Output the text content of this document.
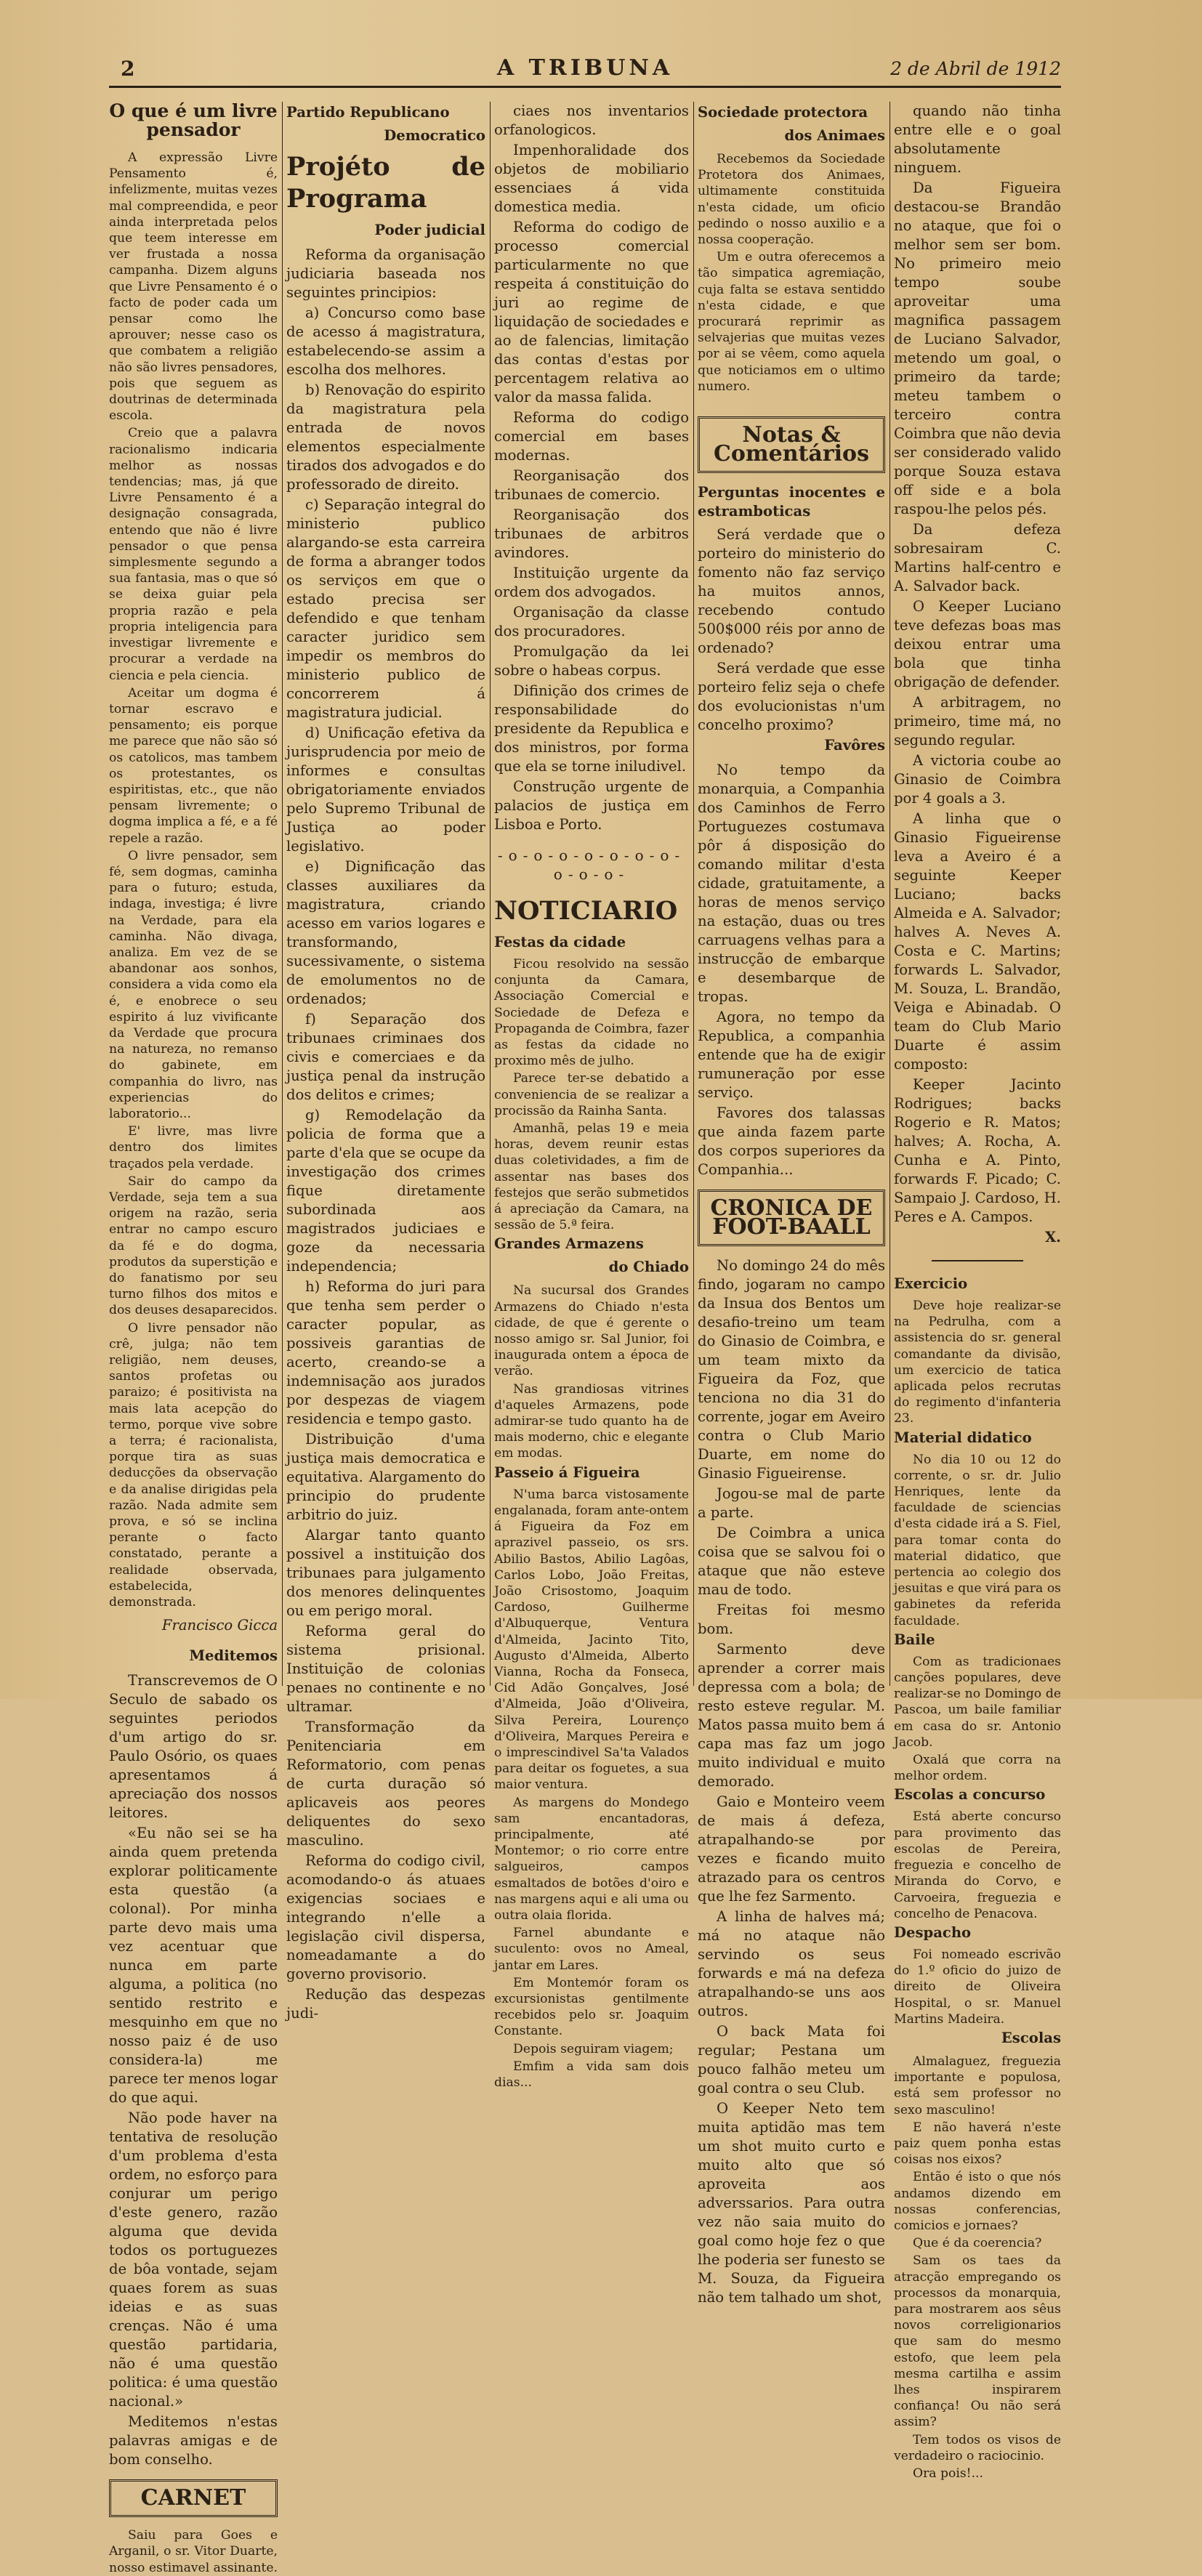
2	A TRIBUNA	2 de Abril de 1912
O que é um livre pensador

A expressão Livre Pensamento é, infelizmente, muitas vezes mal compreendida, e peor ainda interpretada pelos que teem interesse em ver frustada a nossa campanha. Dizem alguns que Livre Pensamento é o facto de poder cada um pensar como lhe aprouver; nesse caso os que combatem a religião não são livres pensadores, pois que seguem as doutrinas de determinada escola.

Creio que a palavra racionalismo indicaria melhor as nossas tendencias; mas, já que Livre Pensamento é a designação consagrada, entendo que não é livre pensador o que pensa simplesmente segundo a sua fantasia, mas o que só se deixa guiar pela propria razão e pela propria inteligencia para investigar livremente e procurar a verdade na ciencia e pela ciencia.

Aceitar um dogma é tornar escravo e pensamento; eis porque me parece que não são só os catolicos, mas tambem os protestantes, os espiritistas, etc., que não pensam livremente; o dogma implica a fé, e a fé repele a razão.

O livre pensador, sem fé, sem dogmas, caminha para o futuro; estuda, indaga, investiga; é livre na Verdade, para ela caminha. Não divaga, analiza. Em vez de se abandonar aos sonhos, considera a vida como ela é, e enobrece o seu espirito á luz vivificante da Verdade que procura na natureza, no remanso do gabinete, em companhia do livro, nas experiencias do laboratorio...

E' livre, mas livre dentro dos limites traçados pela verdade.

Sair do campo da Verdade, seja tem a sua origem na razão, seria entrar no campo escuro da fé e do dogma, produtos da superstição e do fanatismo por seu turno filhos dos mitos e dos deuses desaparecidos.

O livre pensador não crê, julga; não tem religião, nem deuses, santos profetas ou paraizo; é positivista na mais lata acepção do termo, porque vive sobre a terra; é racionalista, porque tira as suas deducções da observação e da analise dirigidas pela razão. Nada admite sem prova, e só se inclina perante o facto constatado, perante a realidade observada, estabelecida, demonstrada.

Francisco Gicca
Meditemos

Transcrevemos de O Seculo de sabado os seguintes periodos d'um artigo do sr. Paulo Osório, os quaes apresentamos á apreciação dos nossos leitores.

«Eu não sei se ha ainda quem pretenda explorar politicamente esta questão (a colonal). Por minha parte devo mais uma vez acentuar que nunca em parte alguma, a politica (no sentido restrito e mesquinho em que no nosso paiz é de uso considera-la) me parece ter menos logar do que aqui.

Não pode haver na tentativa de resolução d'um problema d'esta ordem, no esforço para conjurar um perigo d'este genero, razão alguma que devida todos os portuguezes de bôa vontade, sejam quaes forem as suas ideias e as suas crenças. Não é uma questão partidaria, não é uma questão politica: é uma questão nacional.»

Meditemos n'estas palavras amigas e de bom conselho.

CARNET

Saiu para Goes e Arganil, o sr. Vitor Duarte, nosso estimavel assinante.

Partido Republicano
Democratico
Projéto de Programa
Poder judicial

Reforma da organisação judiciaria baseada nos seguintes principios:

a) Concurso como base de acesso á magistratura, estabelecendo-se assim a escolha dos melhores.

b) Renovação do espirito da magistratura pela entrada de novos elementos especialmente tirados dos advogados e do professorado de direito.

c) Separação integral do ministerio publico alargando-se esta carreira de forma a abranger todos os serviços em que o estado precisa ser defendido e que tenham caracter juridico sem impedir os membros do ministerio publico de concorrerem á magistratura judicial.

d) Unificação efetiva da jurisprudencia por meio de informes e consultas obrigatoriamente enviados pelo Supremo Tribunal de Justiça ao poder legislativo.

e) Dignificação das classes auxiliares da magistratura, criando acesso em varios logares e transformando, sucessivamente, o sistema de emolumentos no de ordenados;

f) Separação dos tribunaes criminaes dos civis e comerciaes e da justiça penal da instrução dos delitos e crimes;

g) Remodelação da policia de forma que a parte d'ela que se ocupe da investigação dos crimes fique diretamente subordinada aos magistrados judiciaes e goze da necessaria independencia;

h) Reforma do juri para que tenha sem perder o caracter popular, as possiveis garantias de acerto, creando-se a indemnisação aos jurados por despezas de viagem residencia e tempo gasto.

Distribuição d'uma justiça mais democratica e equitativa. Alargamento do principio do prudente arbitrio do juiz.

Alargar tanto quanto possivel a instituição dos tribunaes para julgamento dos menores delinquentes ou em perigo moral.

Reforma geral do sistema prisional. Instituição de colonias penaes no continente e no ultramar.

Transformação da Penitenciaria em Reformatorio, com penas de curta duração só aplicaveis aos peores deliquentes do sexo masculino.

Reforma do codigo civil, acomodando-o ás atuaes exigencias sociaes e integrando n'elle a legislação civil dispersa, nomeadamante a do governo provisorio.

Redução das despezas judi-

ciaes nos inventarios orfanologicos.

Impenhoralidade dos objetos de mobiliario essenciaes á vida domestica media.

Reforma do codigo de processo comercial particularmente no que respeita á constituição do juri ao regime de liquidação de sociedades e ao de falencias, limitação das contas d'estas por percentagem relativa ao valor da massa falida.

Reforma do codigo comercial em bases modernas.

Reorganisação dos tribunaes de comercio.

Reorganisação dos tribunaes de arbitros avindores.

Instituição urgente da ordem dos advogados.

Organisação da classe dos procuradores.

Promulgação da lei sobre o habeas corpus.

Difinição dos crimes de responsabilidade do presidente da Republica e dos ministros, por forma que ela se torne iniludivel.

Construção urgente de palacios de justiça em Lisboa e Porto.

-o-o-o-o-o-o-o-o-o-o-
NOTICIARIO
Festas da cidade

Ficou resolvido na sessão conjunta da Camara, Associação Comercial e Sociedade de Defeza e Propaganda de Coimbra, fazer as festas da cidade no proximo mês de julho.

Parece ter-se debatido a conveniencia de se realizar a procissão da Rainha Santa.

Amanhã, pelas 19 e meia horas, devem reunir estas duas coletividades, a fim de assentar nas bases dos festejos que serão submetidos á apreciação da Camara, na sessão de 5.ª feira.

Grandes Armazens
do Chiado

Na sucursal dos Grandes Armazens do Chiado n'esta cidade, de que é gerente o nosso amigo sr. Sal Junior, foi inaugurada ontem a época de verão.

Nas grandiosas vitrines d'aqueles Armazens, pode admirar-se tudo quanto ha de mais moderno, chic e elegante em modas.

Passeio á Figueira

N'uma barca vistosamente engalanada, foram ante-ontem á Figueira da Foz em aprazivel passeio, os srs. Abilio Bastos, Abilio Lagôas, Carlos Lobo, João Freitas, João Crisostomo, Joaquim Cardoso, Guilherme d'Albuquerque, Ventura d'Almeida, Jacinto Tito, Augusto d'Almeida, Alberto Vianna, Rocha da Fonseca, Cid Adão Gonçalves, José d'Almeida, João d'Oliveira, Silva Pereira, Lourenço d'Oliveira, Marques Pereira e o imprescindivel Sa'ta Valados para deitar os foguetes, a sua maior ventura.

As margens do Mondego sam encantadoras, principalmente, até Montemor; o rio corre entre salgueiros, campos esmaltados de botões d'oiro e nas margens aqui e ali uma ou outra olaia florida.

Farnel abundante e suculento: ovos no Ameal, jantar em Lares.

Em Montemór foram os excursionistas gentilmente recebidos pelo sr. Joaquim Constante.

Depois seguiram viagem;

Emfim a vida sam dois dias...

Sociedade protectora
dos Animaes

Recebemos da Sociedade Protetora dos Animaes, ultimamente constituida n'esta cidade, um oficio pedindo o nosso auxilio e a nossa cooperação.

Um e outra oferecemos a tão simpatica agremiação, cuja falta se estava sentiddo n'esta cidade, e que procurará reprimir as selvajerias que muitas vezes por ai se vêem, como aquela que noticiamos em o ultimo numero.

Notas & Comentários
Perguntas inocentes e estramboticas

Será verdade que o porteiro do ministerio do fomento não faz serviço ha muitos annos, recebendo contudo 500$000 réis por anno de ordenado?

Será verdade que esse porteiro feliz seja o chefe dos evolucionistas n'um concelho proximo?

Favôres

No tempo da monarquia, a Companhia dos Caminhos de Ferro Portuguezes costumava pôr á disposição do comando militar d'esta cidade, gratuitamente, a horas de menos serviço na estação, duas ou tres carruagens velhas para a instrucção de embarque e desembarque de tropas.

Agora, no tempo da Republica, a companhia entende que ha de exigir rumuneração por esse serviço.

Favores dos talassas que ainda fazem parte dos corpos superiores da Companhia...

CRONICA DE FOOT-BAALL

No domingo 24 do mês findo, jogaram no campo da Insua dos Bentos um desafio-treino um team do Ginasio de Coimbra, e um team mixto da Figueira da Foz, que tenciona no dia 31 do corrente, jogar em Aveiro contra o Club Mario Duarte, em nome do Ginasio Figueirense.

Jogou-se mal de parte a parte.

De Coimbra a unica coisa que se salvou foi o ataque que não esteve mau de todo.

Freitas foi mesmo bom.

Sarmento deve aprender a correr mais depressa com a bola; de resto esteve regular. M. Matos passa muito bem á capa mas faz um jogo muito individual e muito demorado.

Gaio e Monteiro veem de mais á defeza, atrapalhando-se por vezes e ficando muito atrazado para os centros que lhe fez Sarmento.

A linha de halves má; má no ataque não servindo os seus forwards e má na defeza atrapalhando-se uns aos outros.

O back Mata foi regular; Pestana um pouco falhão meteu um goal contra o seu Club.

O Keeper Neto tem muita aptidão mas tem um shot muito curto e muito alto que só aproveita aos adverssarios. Para outra vez não saia muito do goal como hoje fez o que lhe poderia ser funesto se M. Souza, da Figueira não tem talhado um shot,

quando não tinha entre elle e o goal absolutamente ninguem.

Da Figueira destacou-se Brandão no ataque, que foi o melhor sem ser bom. No primeiro meio tempo soube aproveitar uma magnifica passagem de Luciano Salvador, metendo um goal, o primeiro da tarde; meteu tambem o terceiro contra Coimbra que não devia ser considerado valido porque Souza estava off side e a bola raspou-lhe pelos pés.

Da defeza sobresairam C. Martins half-centro e A. Salvador back.

O Keeper Luciano teve defezas boas mas deixou entrar uma bola que tinha obrigação de defender.

A arbitragem, no primeiro, time má, no segundo regular.

A victoria coube ao Ginasio de Coimbra por 4 goals a 3.

A linha que o Ginasio Figueirense leva a Aveiro é a seguinte Keeper Luciano; backs Almeida e A. Salvador; halves A. Neves A. Costa e C. Martins; forwards L. Salvador, M. Souza, L. Brandão, Veiga e Abinadab. O team do Club Mario Duarte é assim composto:

Keeper Jacinto Rodrigues; backs Rogerio e R. Matos; halves; A. Rocha, A. Cunha e A. Pinto, forwards F. Picado; C. Sampaio J. Cardoso, H. Peres e A. Campos.

X.
Exercicio

Deve hoje realizar-se na Pedrulha, com a assistencia do sr. general comandante da divisão, um exercicio de tatica aplicada pelos recrutas do regimento d'infanteria 23.

Material didatico

No dia 10 ou 12 do corrente, o sr. dr. Julio Henriques, lente da faculdade de sciencias d'esta cidade irá a S. Fiel, para tomar conta do material didatico, que pertencia ao colegio dos jesuitas e que virá para os gabinetes da referida faculdade.

Baile

Com as tradicionaes canções populares, deve realizar-se no Domingo de Pascoa, um baile familiar em casa do sr. Antonio Jacob.

Oxalá que corra na melhor ordem.

Escolas a concurso

Está aberte concurso para provimento das escolas de Pereira, freguezia e concelho de Miranda do Corvo, e Carvoeira, freguezia e concelho de Penacova.

Despacho

Foi nomeado escrivão do 1.º oficio do juizo de direito de Oliveira Hospital, o sr. Manuel Martins Madeira.

Escolas

Almalaguez, freguezia importante e populosa, está sem professor no sexo masculino!

E não haverá n'este paiz quem ponha estas coisas nos eixos?

Então é isto o que nós andamos dizendo em nossas conferencias, comicios e jornaes?

Que é da coerencia?

Sam os taes da atracção empregando os processos da monarquia, para mostrarem aos sêus novos correligionarios que sam do mesmo estofo, que leem pela mesma cartilha e assim lhes inspirarem confiança! Ou não será assim?

Tem todos os visos de verdadeiro o raciocinio.

Ora pois!...
